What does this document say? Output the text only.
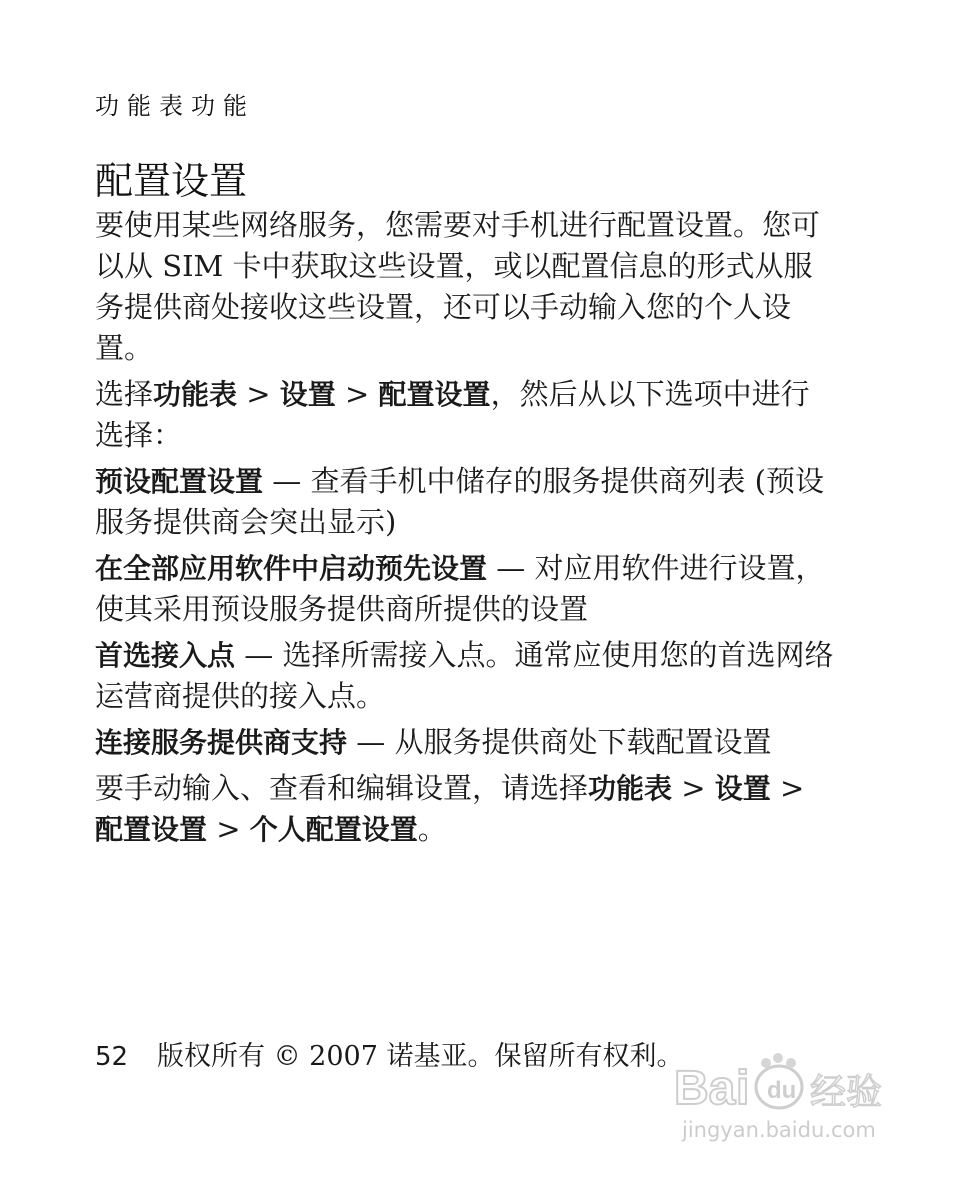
功能表功能
配置设置

要使用某些网络服务，您需要对手机进行配置设置。您可以从 SIM 卡中获取这些设置，或以配置信息的形式从服务提供商处接收这些设置，还可以手动输入您的个人设置。

选择功能表 > 设置 > 配置设置，然后从以下选项中进行选择：

预设配置设置 — 查看手机中储存的服务提供商列表 (预设服务提供商会突出显示)

在全部应用软件中启动预先设置 — 对应用软件进行设置，使其采用预设服务提供商所提供的设置

首选接入点 — 选择所需接入点。通常应使用您的首选网络运营商提供的接入点。

连接服务提供商支持 — 从服务提供商处下载配置设置

要手动输入、查看和编辑设置，请选择功能表 > 设置 > 配置设置 > 个人配置设置。

52 版权所有 © 2007 诺基亚。保留所有权利。
Ba i du 经验
jingyan.baidu.com
